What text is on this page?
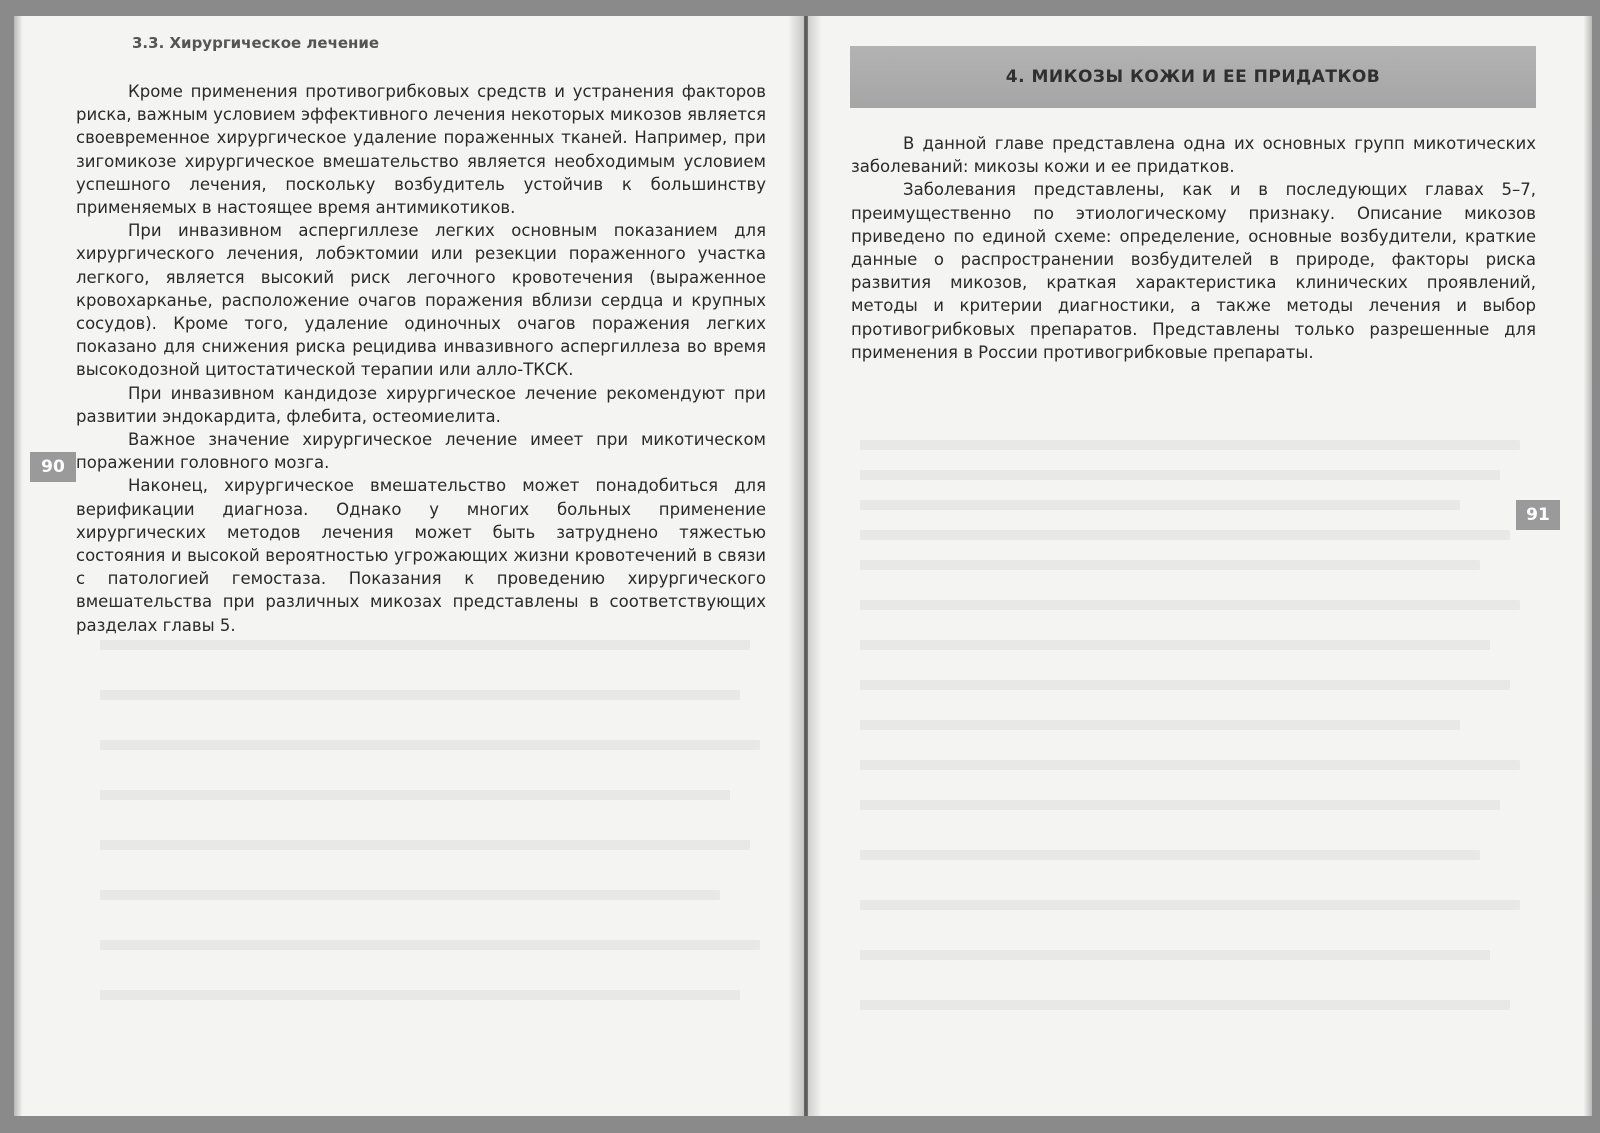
3.3. Хирургическое лечение

Кроме применения противогрибковых средств и устранения факторов риска, важным условием эффективного лечения некоторых микозов является своевременное хирургическое удаление пораженных тканей. Например, при зигомикозе хирургическое вмешательство является необходимым условием успешного лечения, поскольку возбудитель устойчив к большинству применяемых в настоящее время антимикотиков.

При инвазивном аспергиллезе легких основным показанием для хирургического лечения, лобэктомии или резекции пораженного участка легкого, является высокий риск легочного кровотечения (выраженное кровохарканье, расположение очагов поражения вблизи сердца и крупных сосудов). Кроме того, удаление одиночных очагов поражения легких показано для снижения риска рецидива инвазивного аспергиллеза во время высокодозной цитостатической терапии или алло-ТКСК.

При инвазивном кандидозе хирургическое лечение рекомендуют при развитии эндокардита, флебита, остеомиелита.

Важное значение хирургическое лечение имеет при микотическом поражении головного мозга.

Наконец, хирургическое вмешательство может понадобиться для верификации диагноза. Однако у многих больных применение хирургических методов лечения может быть затруднено тяжестью состояния и высокой вероятностью угрожающих жизни кровотечений в связи с патологией гемостаза. Показания к проведению хирургического вмешательства при различных микозах представлены в соответствующих разделах главы 5.

90
4. МИКОЗЫ КОЖИ И ЕЕ ПРИДАТКОВ

В данной главе представлена одна их основных групп микотических заболеваний: микозы кожи и ее придатков.

Заболевания представлены, как и в последующих главах 5–7, преимущественно по этиологическому признаку. Описание микозов приведено по единой схеме: определение, основные возбудители, краткие данные о распространении возбудителей в природе, факторы риска развития микозов, краткая характеристика клинических проявлений, методы и критерии диагностики, а также методы лечения и выбор противогрибковых препаратов. Представлены только разрешенные для применения в России противогрибковые препараты.

91
